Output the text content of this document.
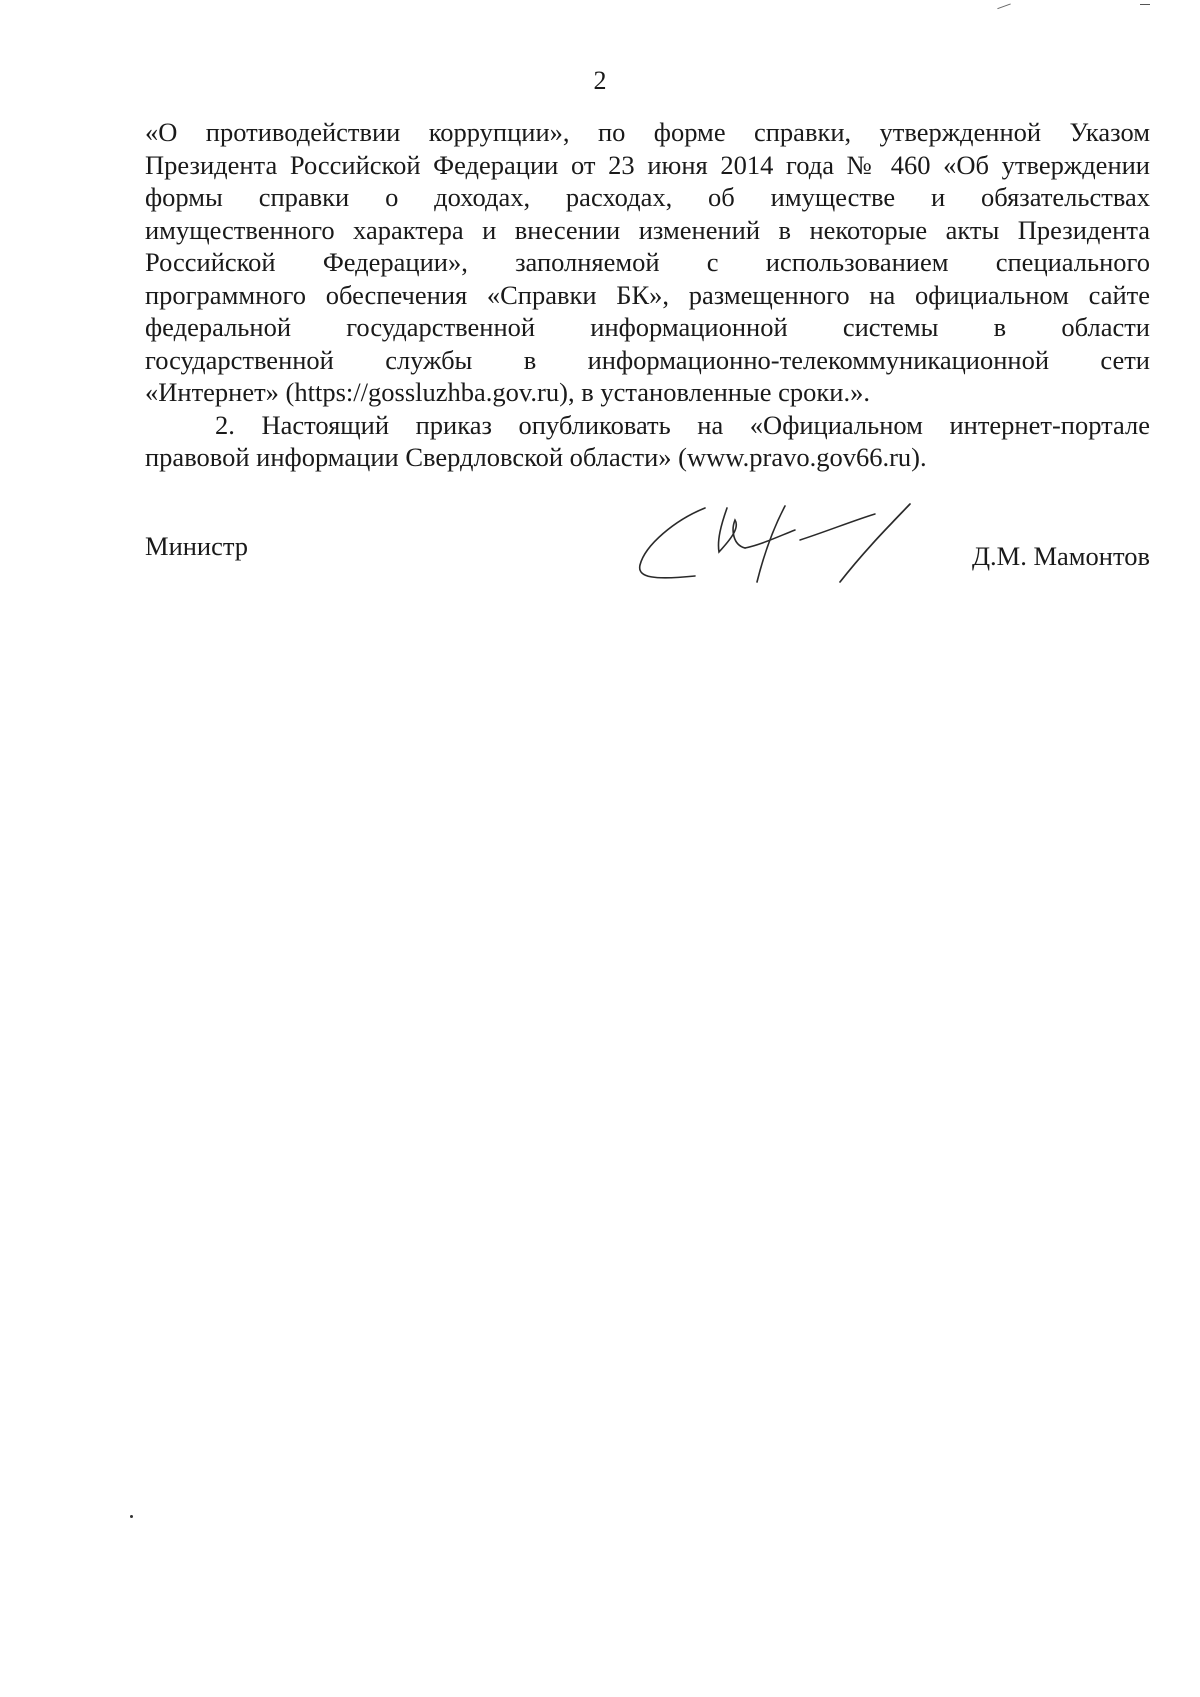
2

«О противодействии коррупции», по форме справки, утвержденной Указом

Президента Российской Федерации от 23 июня 2014 года № 460 «Об утверждении

формы справки о доходах, расходах, об имуществе и обязательствах

имущественного характера и внесении изменений в некоторые акты Президента

Российской Федерации», заполняемой с использованием специального

программного обеспечения «Справки БК», размещенного на официальном сайте

федеральной государственной информационной системы в области

государственной службы в информационно-телекоммуникационной сети

«Интернет» (https://gossluzhba.gov.ru), в установленные сроки.».

2. Настоящий приказ опубликовать на «Официальном интернет-портале

правовой информации Свердловской области» (www.pravo.gov66.ru).

Министр	Д.М. Мамонтов
